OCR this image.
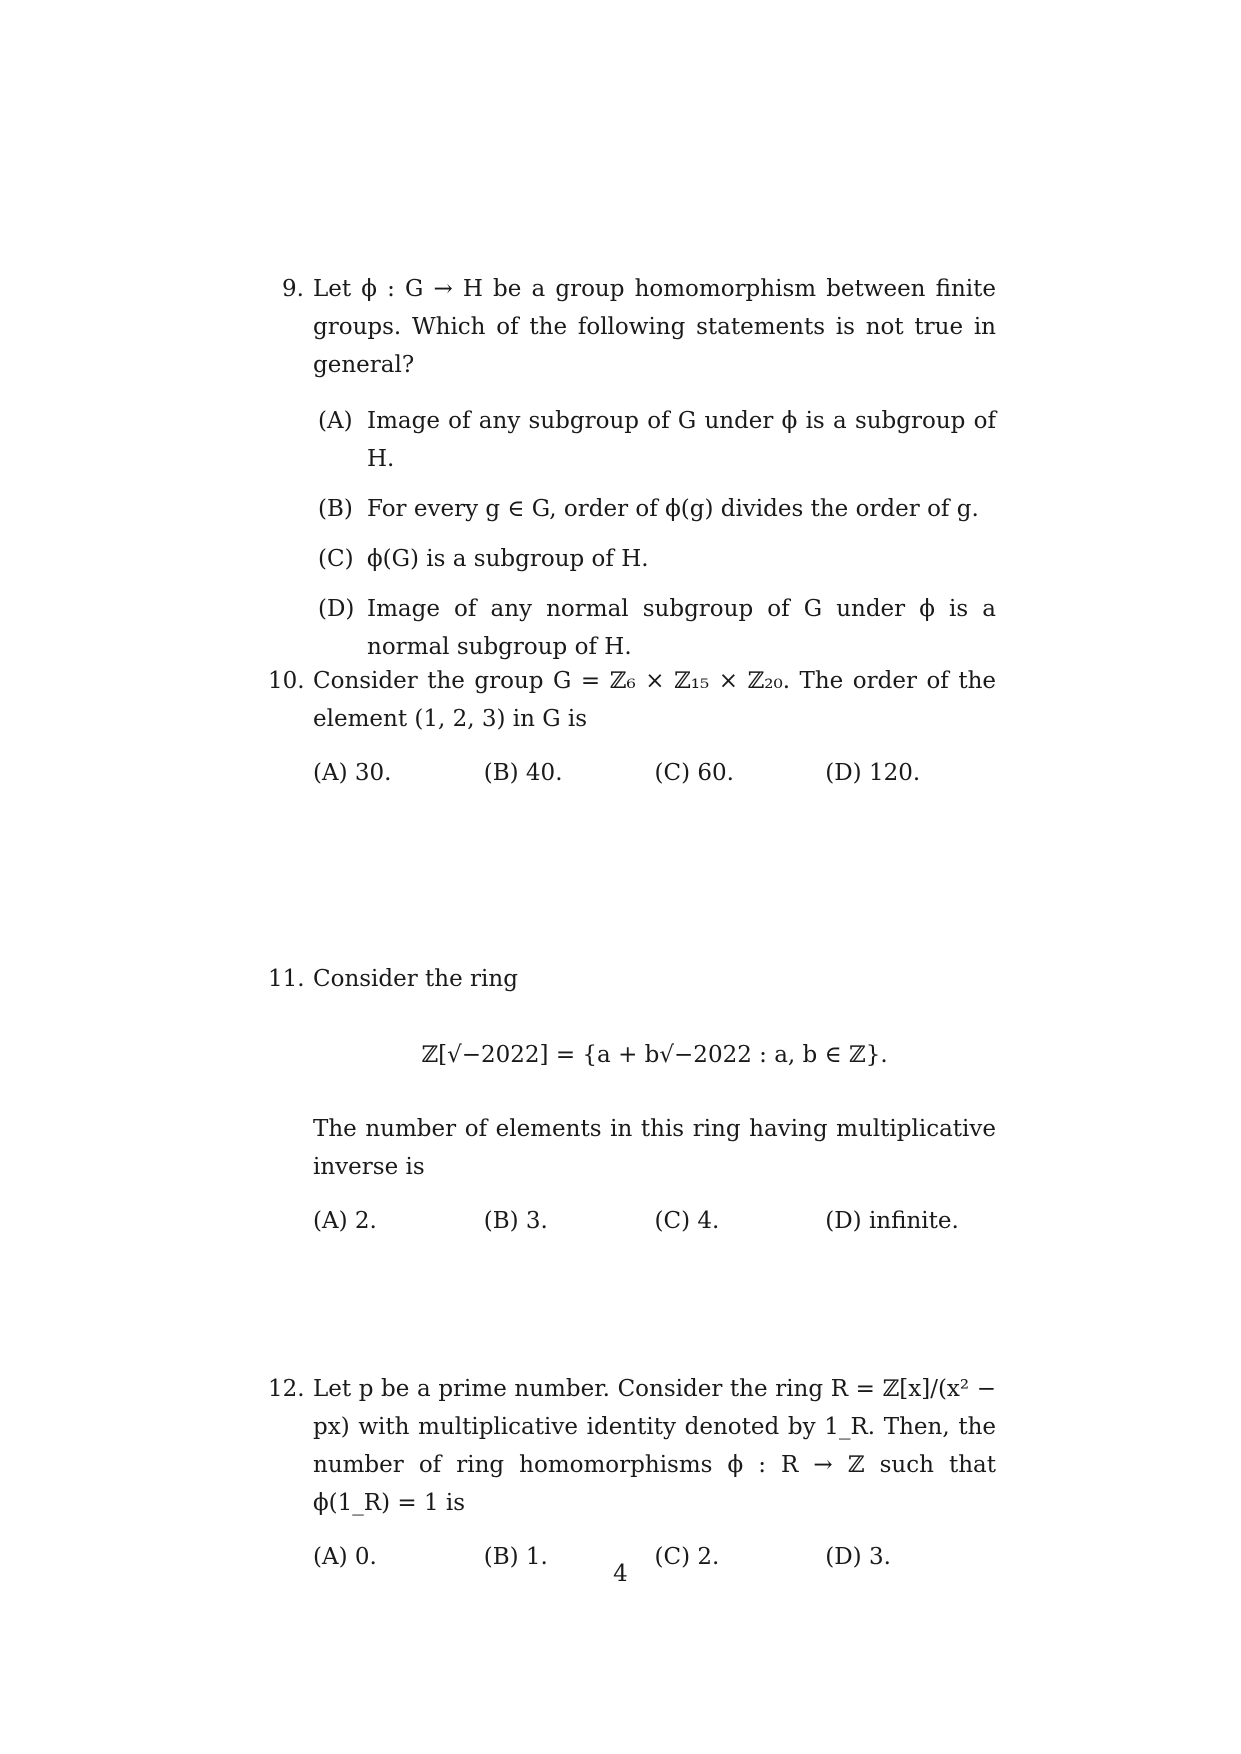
9. Let ϕ : G → H be a group homomorphism between finite groups. Which of the following statements is not true in general?
(A) Image of any subgroup of G under ϕ is a subgroup of H.
(B) For every g ∈ G, order of ϕ(g) divides the order of g.
(C) ϕ(G) is a subgroup of H.
(D) Image of any normal subgroup of G under ϕ is a normal subgroup of H.
10. Consider the group G = ℤ₆ × ℤ₁₅ × ℤ₂₀. The order of the element (1, 2, 3) in G is
(A) 30.	(B) 40.	(C) 60.	(D) 120.
11. Consider the ring
ℤ[√−2022] = {a + b√−2022 : a, b ∈ ℤ}.
The number of elements in this ring having multiplicative inverse is
(A) 2.	(B) 3.	(C) 4.	(D) infinite.
12. Let p be a prime number. Consider the ring R = ℤ[x]/(x² − px) with multiplicative identity denoted by 1_R. Then, the number of ring homomorphisms ϕ : R → ℤ such that ϕ(1_R) = 1 is
(A) 0.	(B) 1.	(C) 2.	(D) 3.
4
